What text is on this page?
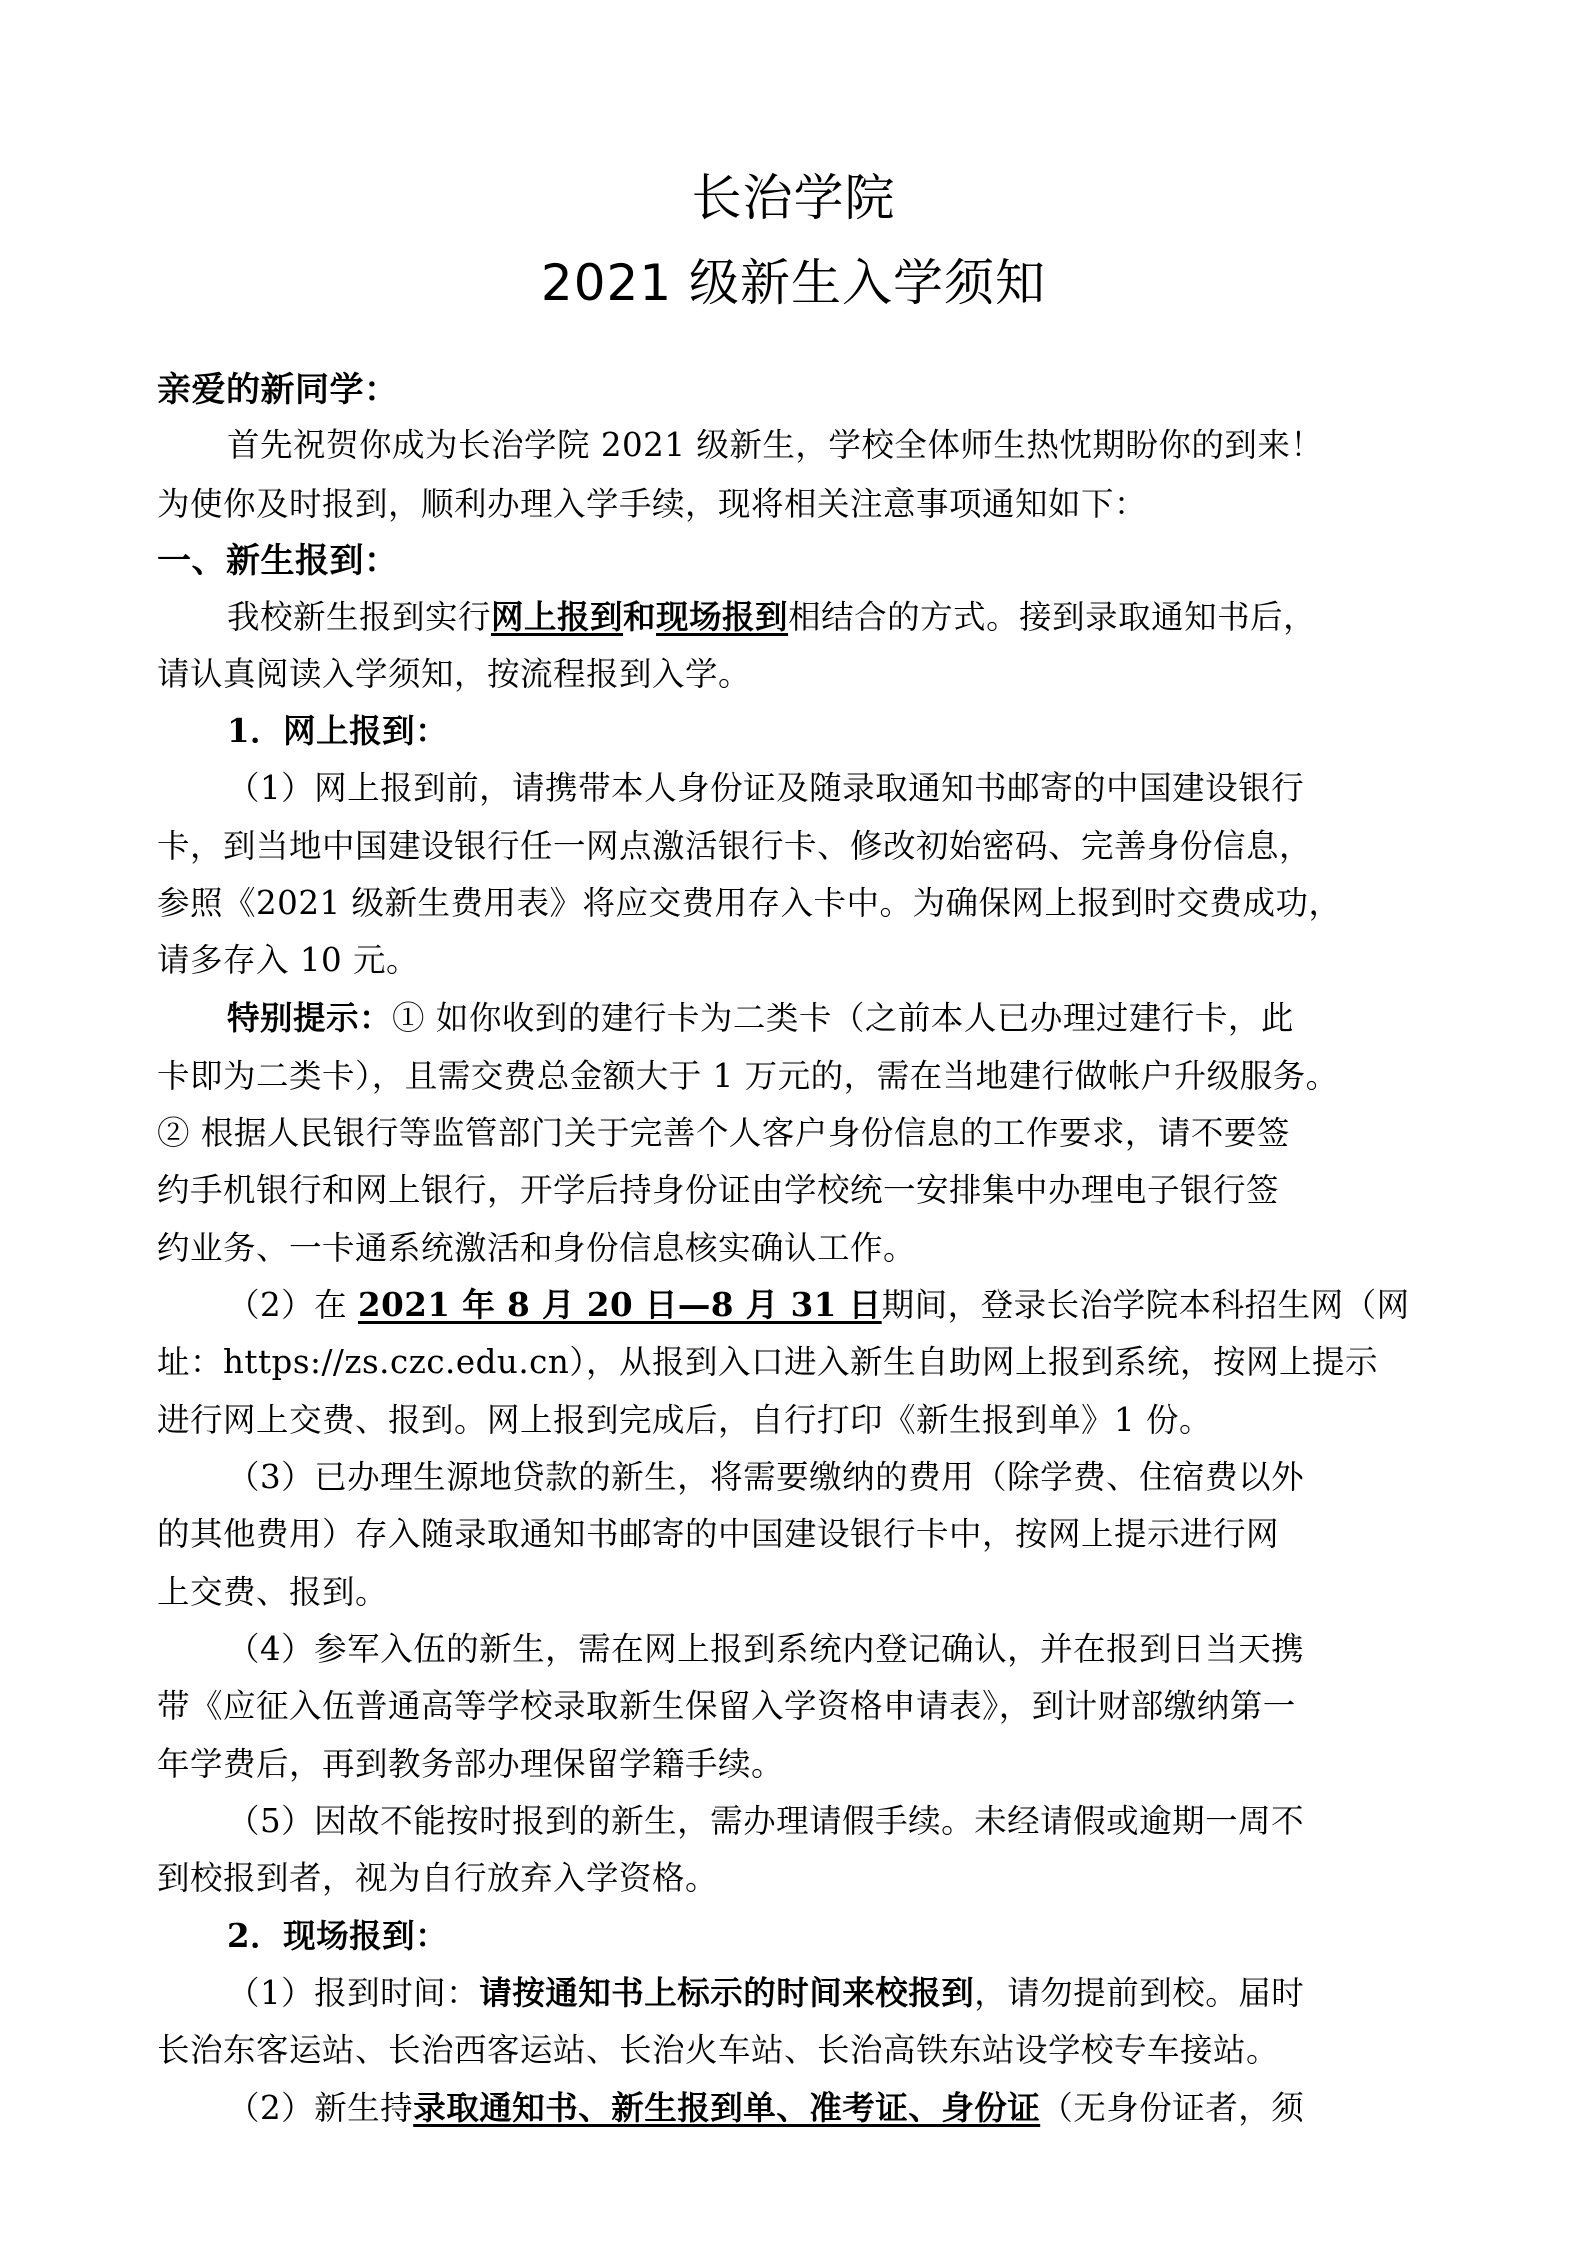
长治学院
2021 级新生入学须知
亲爱的新同学：
首先祝贺你成为长治学院 2021 级新生，学校全体师生热忱期盼你的到来！
为使你及时报到，顺利办理入学手续，现将相关注意事项通知如下：
一、新生报到：
我校新生报到实行网上报到和现场报到相结合的方式。接到录取通知书后，
请认真阅读入学须知，按流程报到入学。
1．网上报到：
（1）网上报到前，请携带本人身份证及随录取通知书邮寄的中国建设银行
卡，到当地中国建设银行任一网点激活银行卡、修改初始密码、完善身份信息，
参照《2021 级新生费用表》将应交费用存入卡中。为确保网上报到时交费成功，
请多存入 10 元。
特别提示：① 如你收到的建行卡为二类卡（之前本人已办理过建行卡，此
卡即为二类卡），且需交费总金额大于 1 万元的，需在当地建行做帐户升级服务。
② 根据人民银行等监管部门关于完善个人客户身份信息的工作要求，请不要签
约手机银行和网上银行，开学后持身份证由学校统一安排集中办理电子银行签
约业务、一卡通系统激活和身份信息核实确认工作。
（2）在 2021 年 8 月 20 日—8 月 31 日期间，登录长治学院本科招生网（网
址：https://zs.czc.edu.cn），从报到入口进入新生自助网上报到系统，按网上提示
进行网上交费、报到。网上报到完成后，自行打印《新生报到单》1 份。
（3）已办理生源地贷款的新生，将需要缴纳的费用（除学费、住宿费以外
的其他费用）存入随录取通知书邮寄的中国建设银行卡中，按网上提示进行网
上交费、报到。
（4）参军入伍的新生，需在网上报到系统内登记确认，并在报到日当天携
带《应征入伍普通高等学校录取新生保留入学资格申请表》，到计财部缴纳第一
年学费后，再到教务部办理保留学籍手续。
（5）因故不能按时报到的新生，需办理请假手续。未经请假或逾期一周不
到校报到者，视为自行放弃入学资格。
2．现场报到：
（1）报到时间：请按通知书上标示的时间来校报到，请勿提前到校。届时
长治东客运站、长治西客运站、长治火车站、长治高铁东站设学校专车接站。
（2）新生持录取通知书、新生报到单、准考证、身份证（无身份证者，须
